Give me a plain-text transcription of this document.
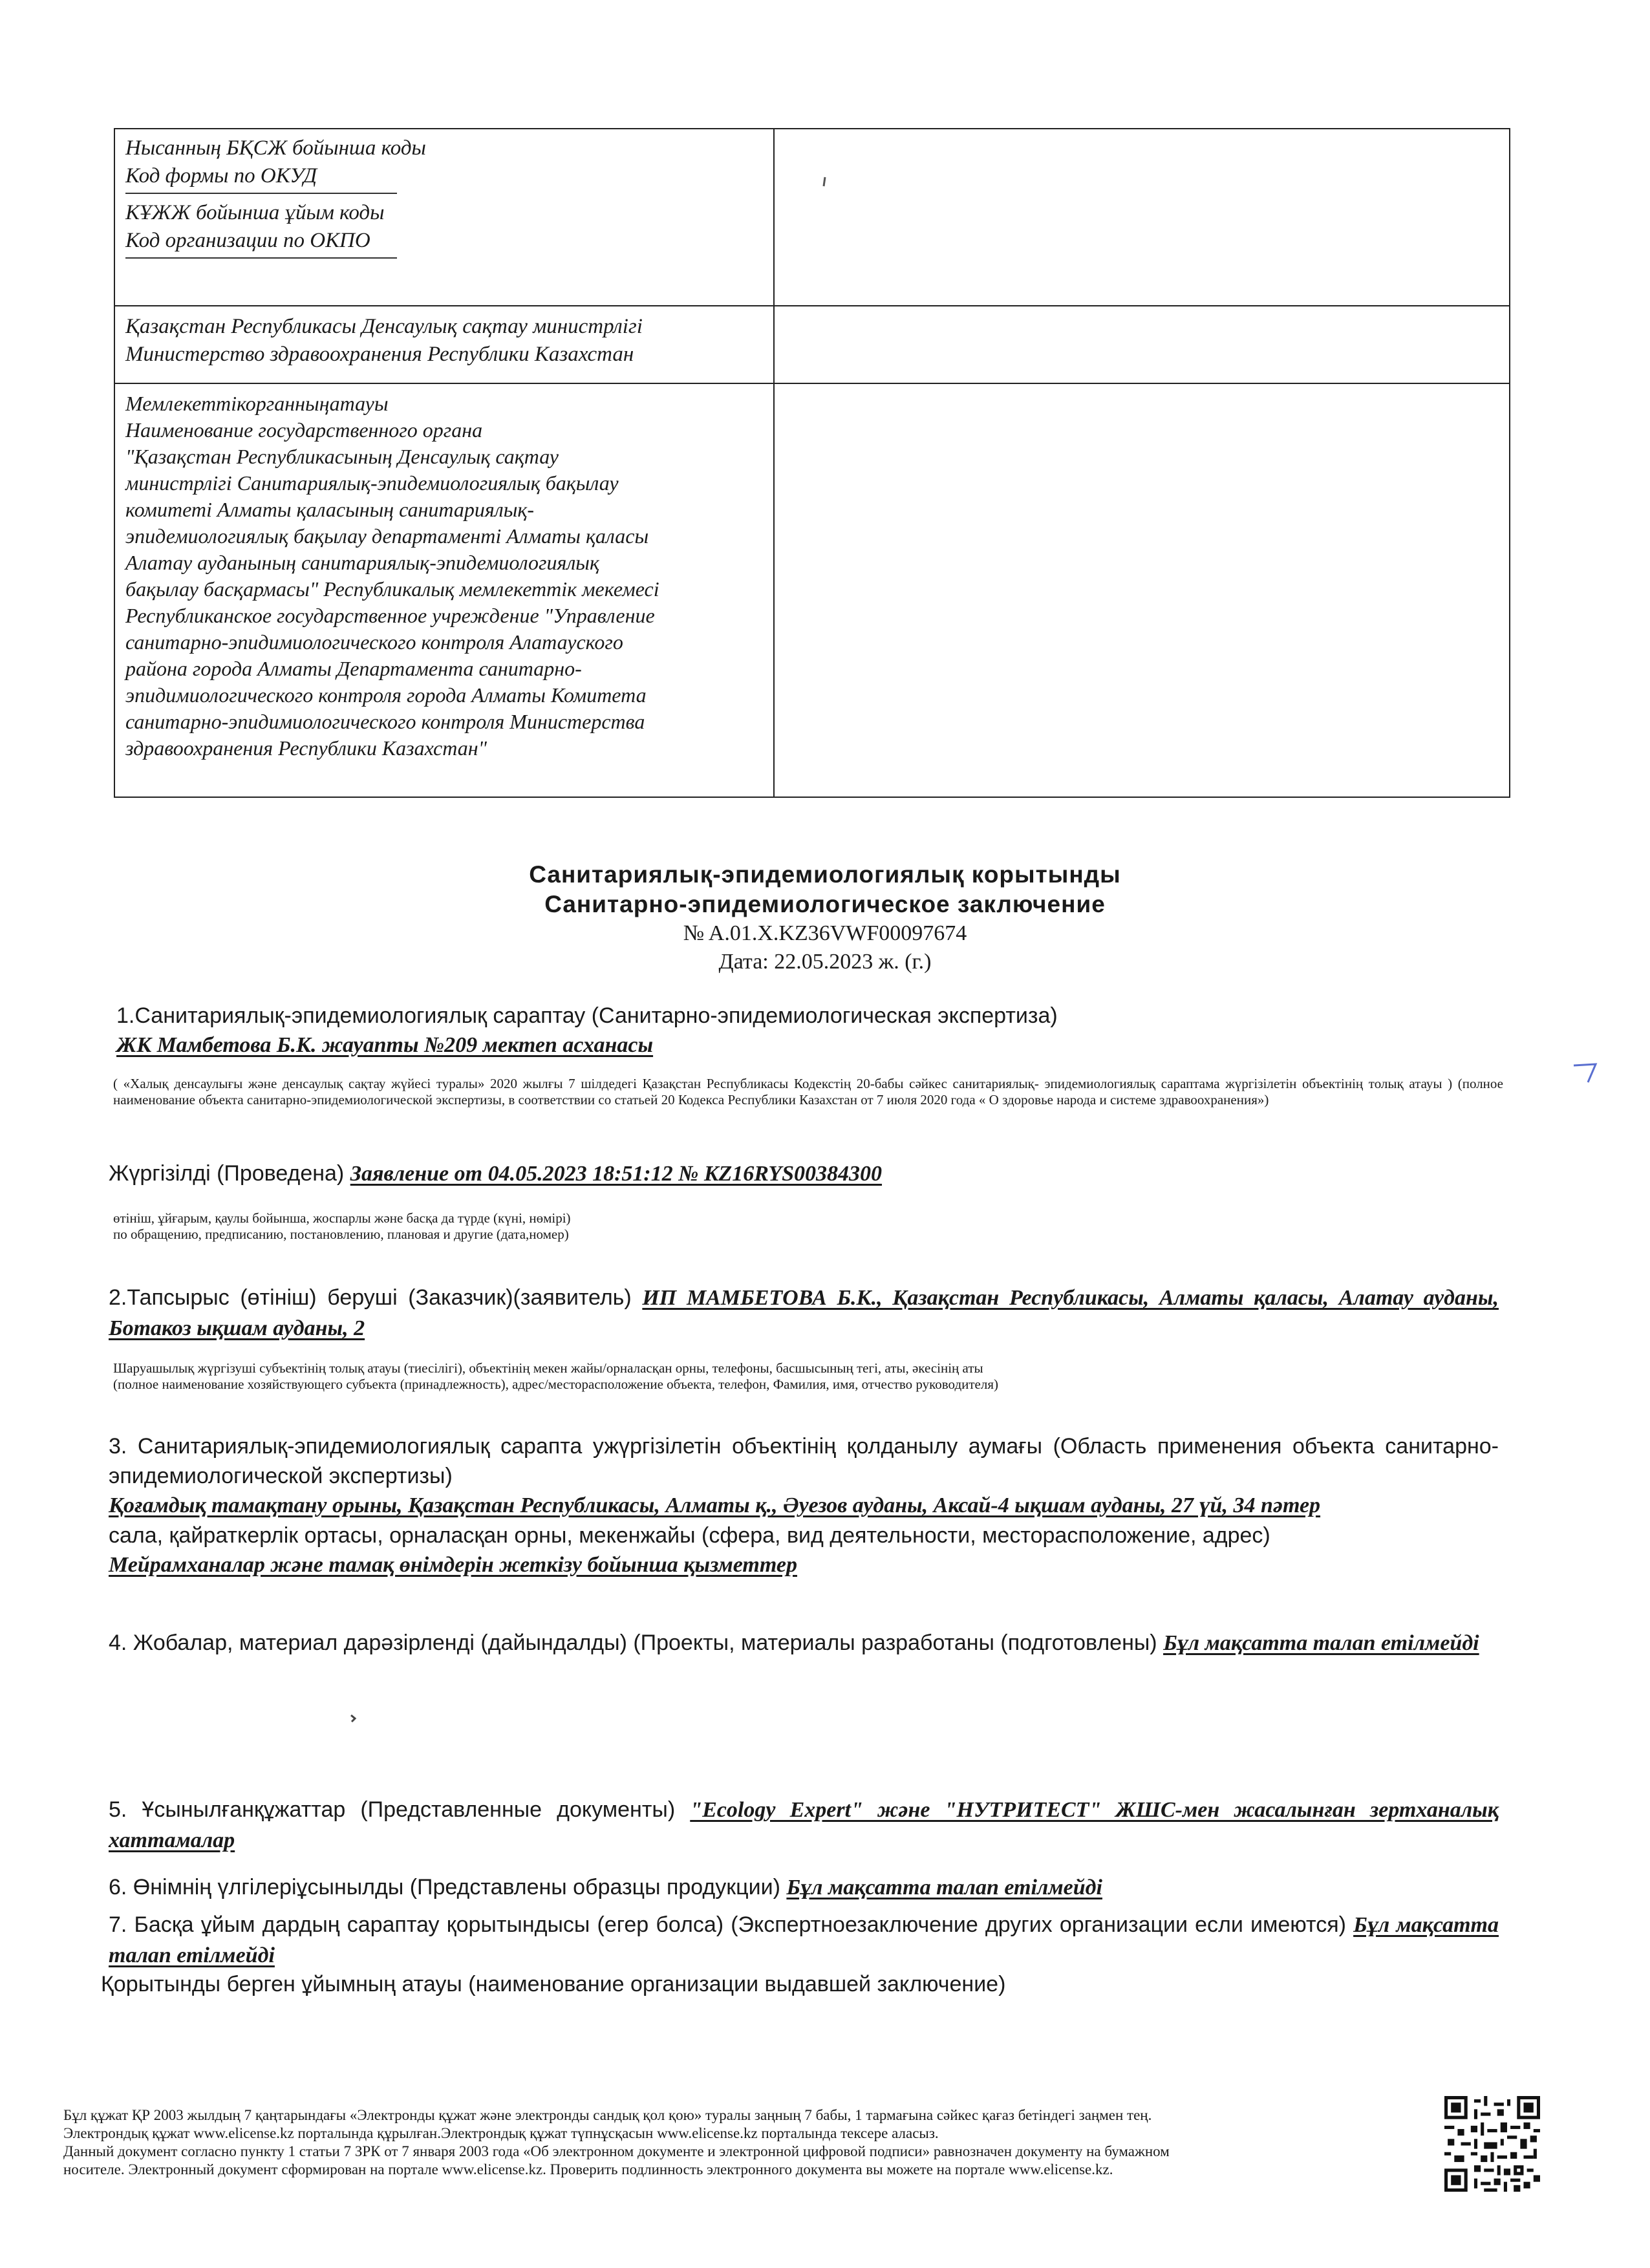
Нысанның БҚСЖ бойынша коды
Код формы по ОКУД
КҰЖЖ бойынша ұйым коды
Код организации по ОКПО
Қазақстан Республикасы Денсаулық сақтау министрлігі
Министерство здравоохранения Республики Казахстан
Мемлекеттікорганныңатауы
Наименование государственного органа
"Қазақстан Республикасының Денсаулық сақтау
министрлігі Санитариялық-эпидемиологиялық бақылау
комитеті Алматы қаласының санитариялық-
эпидемиологиялық бақылау департаменті Алматы қаласы
Алатау ауданының санитариялық-эпидемиологиялық
бақылау басқармасы" Республикалық мемлекеттік мекемесі
Республиканское государственное учреждение "Управление
санитарно-эпидимиологического контроля Алатауского
района города Алматы Департамента санитарно-
эпидимиологического контроля города Алматы Комитета
санитарно-эпидимиологического контроля Министерства
здравоохранения Республики Казахстан"
Санитариялық-эпидемиологиялық корытынды
Санитарно-эпидемиологическое заключение
№ A.01.X.KZ36VWF00097674
Дата: 22.05.2023 ж. (г.)
1.Санитариялық-эпидемиологиялық сараптау (Санитарно-эпидемиологическая экспертиза)
ЖК Мамбетова Б.К. жауапты №209 мектеп асханасы
( «Халық денсаулығы және денсаулық сақтау жүйесі туралы» 2020 жылғы 7 шілдедегі Қазақстан Республикасы Кодекстің 20-бабы сәйкес санитариялық- эпидемиологиялық сараптама жүргізілетін объектінің толық атауы ) (полное наименование объекта санитарно-эпидемиологической экспертизы, в соответствии со статьей 20 Кодекса Республики Казахстан от 7 июля 2020 года « О здоровье народа и системе здравоохранения»)
Жүргізілді (Проведена) Заявление от 04.05.2023 18:51:12 № KZ16RYS00384300
өтініш, ұйғарым, қаулы бойынша, жоспарлы және басқа да түрде (күні, нөмірі)
по обращению, предписанию, постановлению, плановая и другие (дата,номер)
2.Тапсырыс (өтініш) беруші (Заказчик)(заявитель) ИП МАМБЕТОВА Б.К., Қазақстан Республикасы, Алматы қаласы, Алатау ауданы, Ботакоз ықшам ауданы, 2
Шаруашылық жүргізуші субъектінің толық атауы (тиесілігі), объектінің мекен жайы/орналасқан орны, телефоны, басшысының тегі, аты, әкесінің аты
(полное наименование хозяйствующего субъекта (принадлежность), адрес/месторасположение объекта, телефон, Фамилия, имя, отчество руководителя)
3. Санитариялық-эпидемиологиялық сарапта ужүргізілетін объектінің қолданылу аумағы (Область применения объекта санитарно-эпидемиологической экспертизы)
Қоғамдық тамақтану орыны, Қазақстан Республикасы, Алматы қ., Әуезов ауданы, Аксай-4 ықшам ауданы, 27 үй, 34 пәтер
сала, қайраткерлік ортасы, орналасқан орны, мекенжайы (сфера, вид деятельности, месторасположение, адрес)
Мейрамханалар және тамақ өнімдерін жеткізу бойынша қызметтер
4. Жобалар, материал дарәзірленді (дайындалды) (Проекты, материалы разработаны (подготовлены) Бұл мақсатта талап етілмейді
5. Ұсынылғанқұжаттар (Представленные документы) "Ecology Expert" және "НУТРИТЕСТ" ЖШС-мен жасалынған зертханалық хаттамалар
6. Өнімнің үлгілеріұсынылды (Представлены образцы продукции) Бұл мақсатта талап етілмейді
7. Басқа ұйым дардың сараптау қорытындысы (егер болса) (Экспертноезаключение других организации если имеются) Бұл мақсатта талап етілмейді
Қорытынды берген ұйымның атауы (наименование организации выдавшей заключение)
Бұл құжат ҚР 2003 жылдың 7 қаңтарындағы «Электронды құжат және электронды сандық қол қою» туралы заңның 7 бабы, 1 тармағына сәйкес қағаз бетіндегі заңмен тең.
Электрондық құжат www.elicense.kz порталында құрылған.Электрондық құжат түпнұсқасын www.elicense.kz порталында тексере аласыз.
Данный документ согласно пункту 1 статьи 7 ЗРК от 7 января 2003 года «Об электронном документе и электронной цифровой подписи» равнозначен документу на бумажном
носителе. Электронный документ сформирован на портале www.elicense.kz. Проверить подлинность электронного документа вы можете на портале www.elicense.kz.
